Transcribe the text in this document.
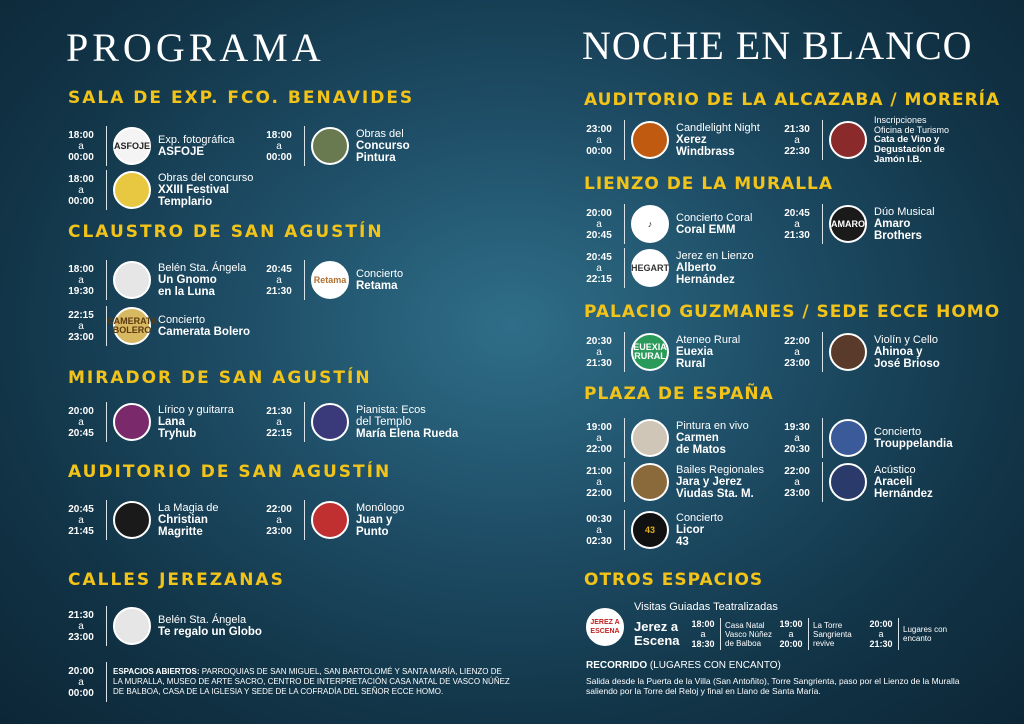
PROGRAMA
SALA DE EXP. FCO. BENAVIDES
18:00
a
00:00
ASFOJE Exp. fotográfica
ASFOJE
18:00
a
00:00
Obras del
Concurso
Pintura
18:00
a
00:00
Obras del concurso
XXIII Festival
Templario
CLAUSTRO DE SAN AGUSTÍN
18:00
a
19:30
Belén Sta. Ángela
Un Gnomo
en la Luna
20:45
a
21:30
Retama Concierto
Retama
22:15
a
23:00
CAMERATA BOLERO
Concierto
Camerata Bolero
MIRADOR DE SAN AGUSTÍN
20:00
a
20:45
Lírico y guitarra
Lana
Tryhub
21:30
a
22:15
Pianista: Ecos
del Templo
María Elena Rueda
AUDITORIO DE SAN AGUSTÍN
20:45
a
21:45
La Magia de
Christian
Magritte
22:00
a
23:00
Monólogo
Juan y
Punto
CALLES JEREZANAS
21:30
a
23:00
Belén Sta. Ángela
Te regalo un Globo
20:00
a
00:00
ESPACIOS ABIERTOS: PARROQUIAS DE SAN MIGUEL, SAN BARTOLOMÉ Y SANTA MARÍA, LIENZO DE LA MURALLA, MUSEO DE ARTE SACRO, CENTRO DE INTERPRETACIÓN CASA NATAL DE VASCO NÚÑEZ DE BALBOA, CASA DE LA IGLESIA Y SEDE DE LA COFRADÍA DEL SEÑOR ECCE HOMO.
NOCHE EN BLANCO
AUDITORIO DE LA ALCAZABA / MORERÍA
23:00
a
00:00
Candlelight Night
Xerez
Windbrass
21:30
a
22:30
Inscripciones
Oficina de Turismo
Cata de Vino y Degustación de Jamón I.B.
LIENZO DE LA MURALLA
20:00
a
20:45
♪	Concierto Coral
Coral EMM
20:45
a
21:30
AMARO
Dúo Musical
Amaro
Brothers
20:45
a
22:15
HEGART
Jerez en Lienzo
Alberto
Hernández
PALACIO GUZMANES / SEDE ECCE HOMO
20:30
a
21:30
EUEXIA RURAL
Ateneo Rural
Euexia
Rural
22:00
a
23:00
Violín y Cello
Ahinoa y
José Brioso
PLAZA DE ESPAÑA
19:00
a
22:00
Pintura en vivo
Carmen
de Matos
19:30
a
20:30
Concierto
Trouppelandia
21:00
a
22:00
Bailes Regionales
Jara y Jerez
Viudas Sta. M.
22:00
a
23:00
Acústico
Araceli
Hernández
00:30
a
02:30
43
Concierto
Licor
43
OTROS ESPACIOS
Visitas Guiadas Teatralizadas
JEREZ A ESCENA	Jerez a
Escena
18:00
a
18:30
Casa Natal Vasco Núñez de Balboa
19:00
a
20:00
La Torre Sangrienta revive
20:00
a
21:30
Lugares con encanto
RECORRIDO (LUGARES CON ENCANTO)
Salida desde la Puerta de la Villa (San Antoñito), Torre Sangrienta, paso por el Lienzo de la Muralla saliendo por la Torre del Reloj y final en Llano de Santa María.
